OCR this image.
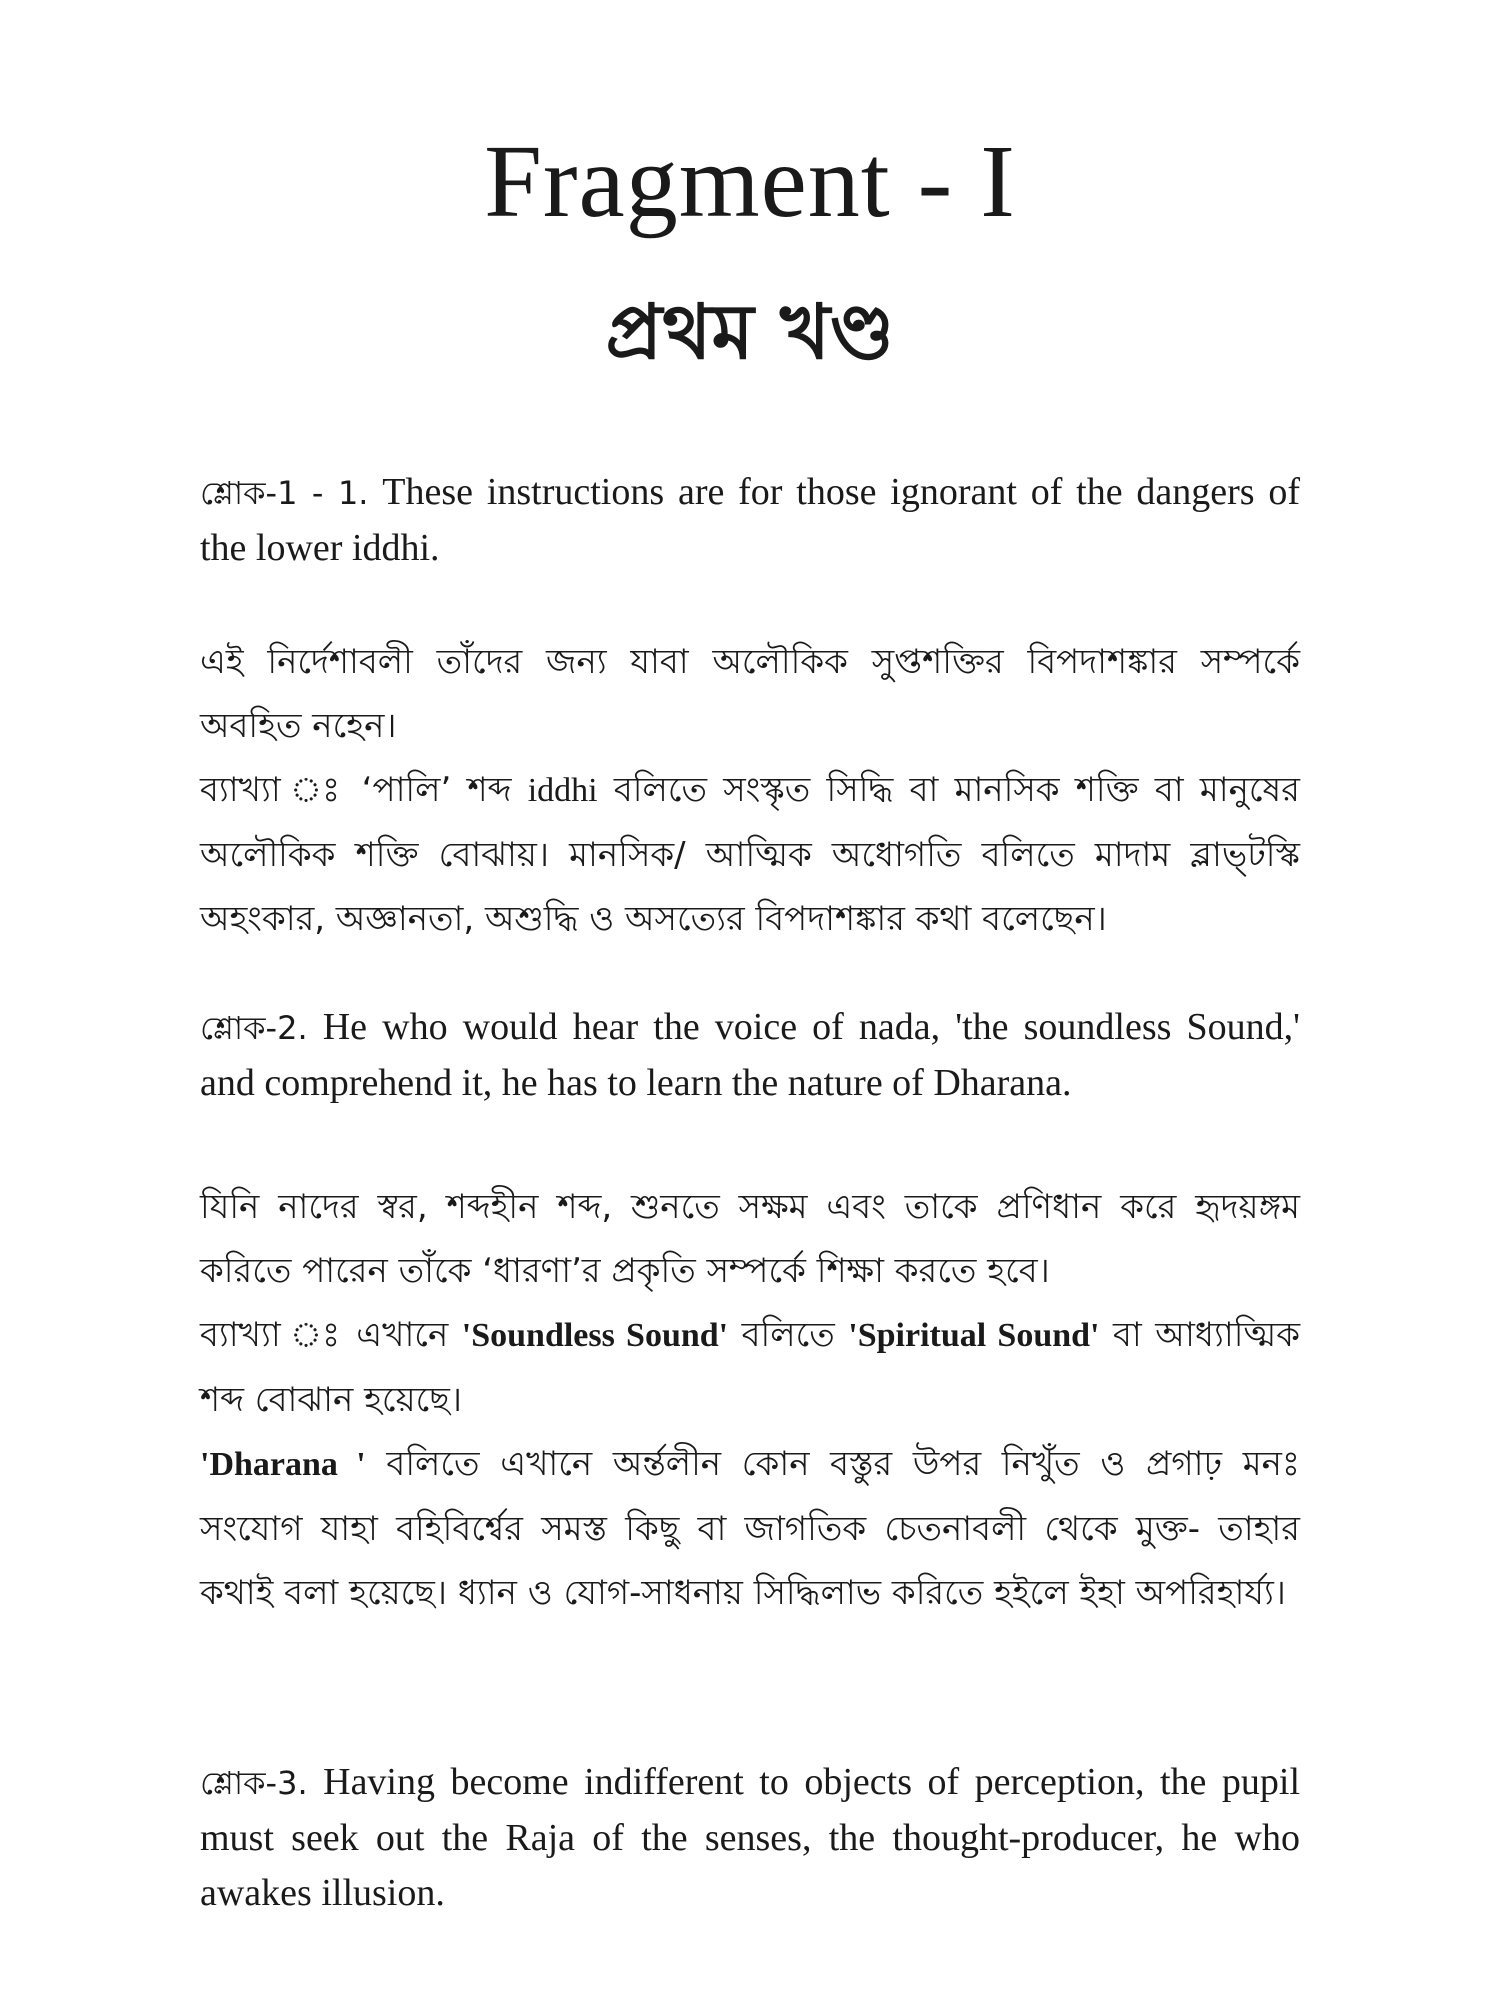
Fragment - I
প্রথম খণ্ড

শ্লোক-1 - 1. These instructions are for those ignorant of the dangers of the lower iddhi.

এই নির্দেশাবলী তাঁদের জন্য যাবা অলৌকিক সুপ্তশক্তির বিপদাশঙ্কার সম্পর্কে অবহিত নহেন।

ব্যাখ্যা ঃ ‘পালি’ শব্দ iddhi বলিতে সংস্কৃত সিদ্ধি বা মানসিক শক্তি বা মানুষের অলৌকিক শক্তি বোঝায়। মানসিক/ আত্মিক অধোগতি বলিতে মাদাম ব্লাভ্‌টস্কি অহংকার, অজ্ঞানতা, অশুদ্ধি ও অসত্যের বিপদাশঙ্কার কথা বলেছেন।

শ্লোক-2. He who would hear the voice of nada, 'the soundless Sound,' and comprehend it, he has to learn the nature of Dharana.

যিনি নাদের স্বর, শব্দহীন শব্দ, শুনতে সক্ষম এবং তাকে প্রণিধান করে হৃদয়ঙ্গম করিতে পারেন তাঁকে ‘ধারণা’র প্রকৃতি সম্পর্কে শিক্ষা করতে হবে।

ব্যাখ্যা ঃ এখানে 'Soundless Sound' বলিতে 'Spiritual Sound' বা আধ্যাত্মিক শব্দ বোঝান হয়েছে।

'Dharana ' বলিতে এখানে অর্ন্তলীন কোন বস্তুর উপর নিখুঁত ও প্রগাঢ় মনঃ সংযোগ যাহা বহিবির্শ্বের সমস্ত কিছু বা জাগতিক চেতনাবলী থেকে মুক্ত- তাহার কথাই বলা হয়েছে। ধ্যান ও যোগ-সাধনায় সিদ্ধিলাভ করিতে হইলে ইহা অপরিহার্য্য।

শ্লোক-3. Having become indifferent to objects of perception, the pupil must seek out the Raja of the senses, the thought-producer, he who awakes illusion.
